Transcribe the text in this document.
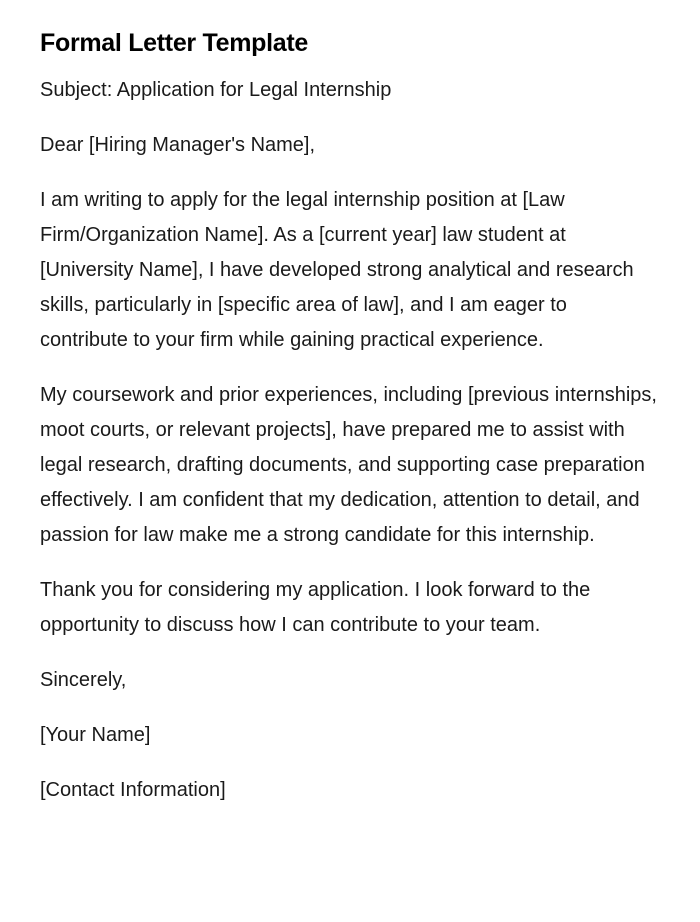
Formal Letter Template

Subject: Application for Legal Internship

Dear [Hiring Manager's Name],

I am writing to apply for the legal internship position at [Law Firm/Organization Name]. As a [current year] law student at [University Name], I have developed strong analytical and research skills, particularly in [specific area of law], and I am eager to contribute to your firm while gaining practical experience.

My coursework and prior experiences, including [previous internships, moot courts, or relevant projects], have prepared me to assist with legal research, drafting documents, and supporting case preparation effectively. I am confident that my dedication, attention to detail, and passion for law make me a strong candidate for this internship.

Thank you for considering my application. I look forward to the opportunity to discuss how I can contribute to your team.

Sincerely,

[Your Name]

[Contact Information]
